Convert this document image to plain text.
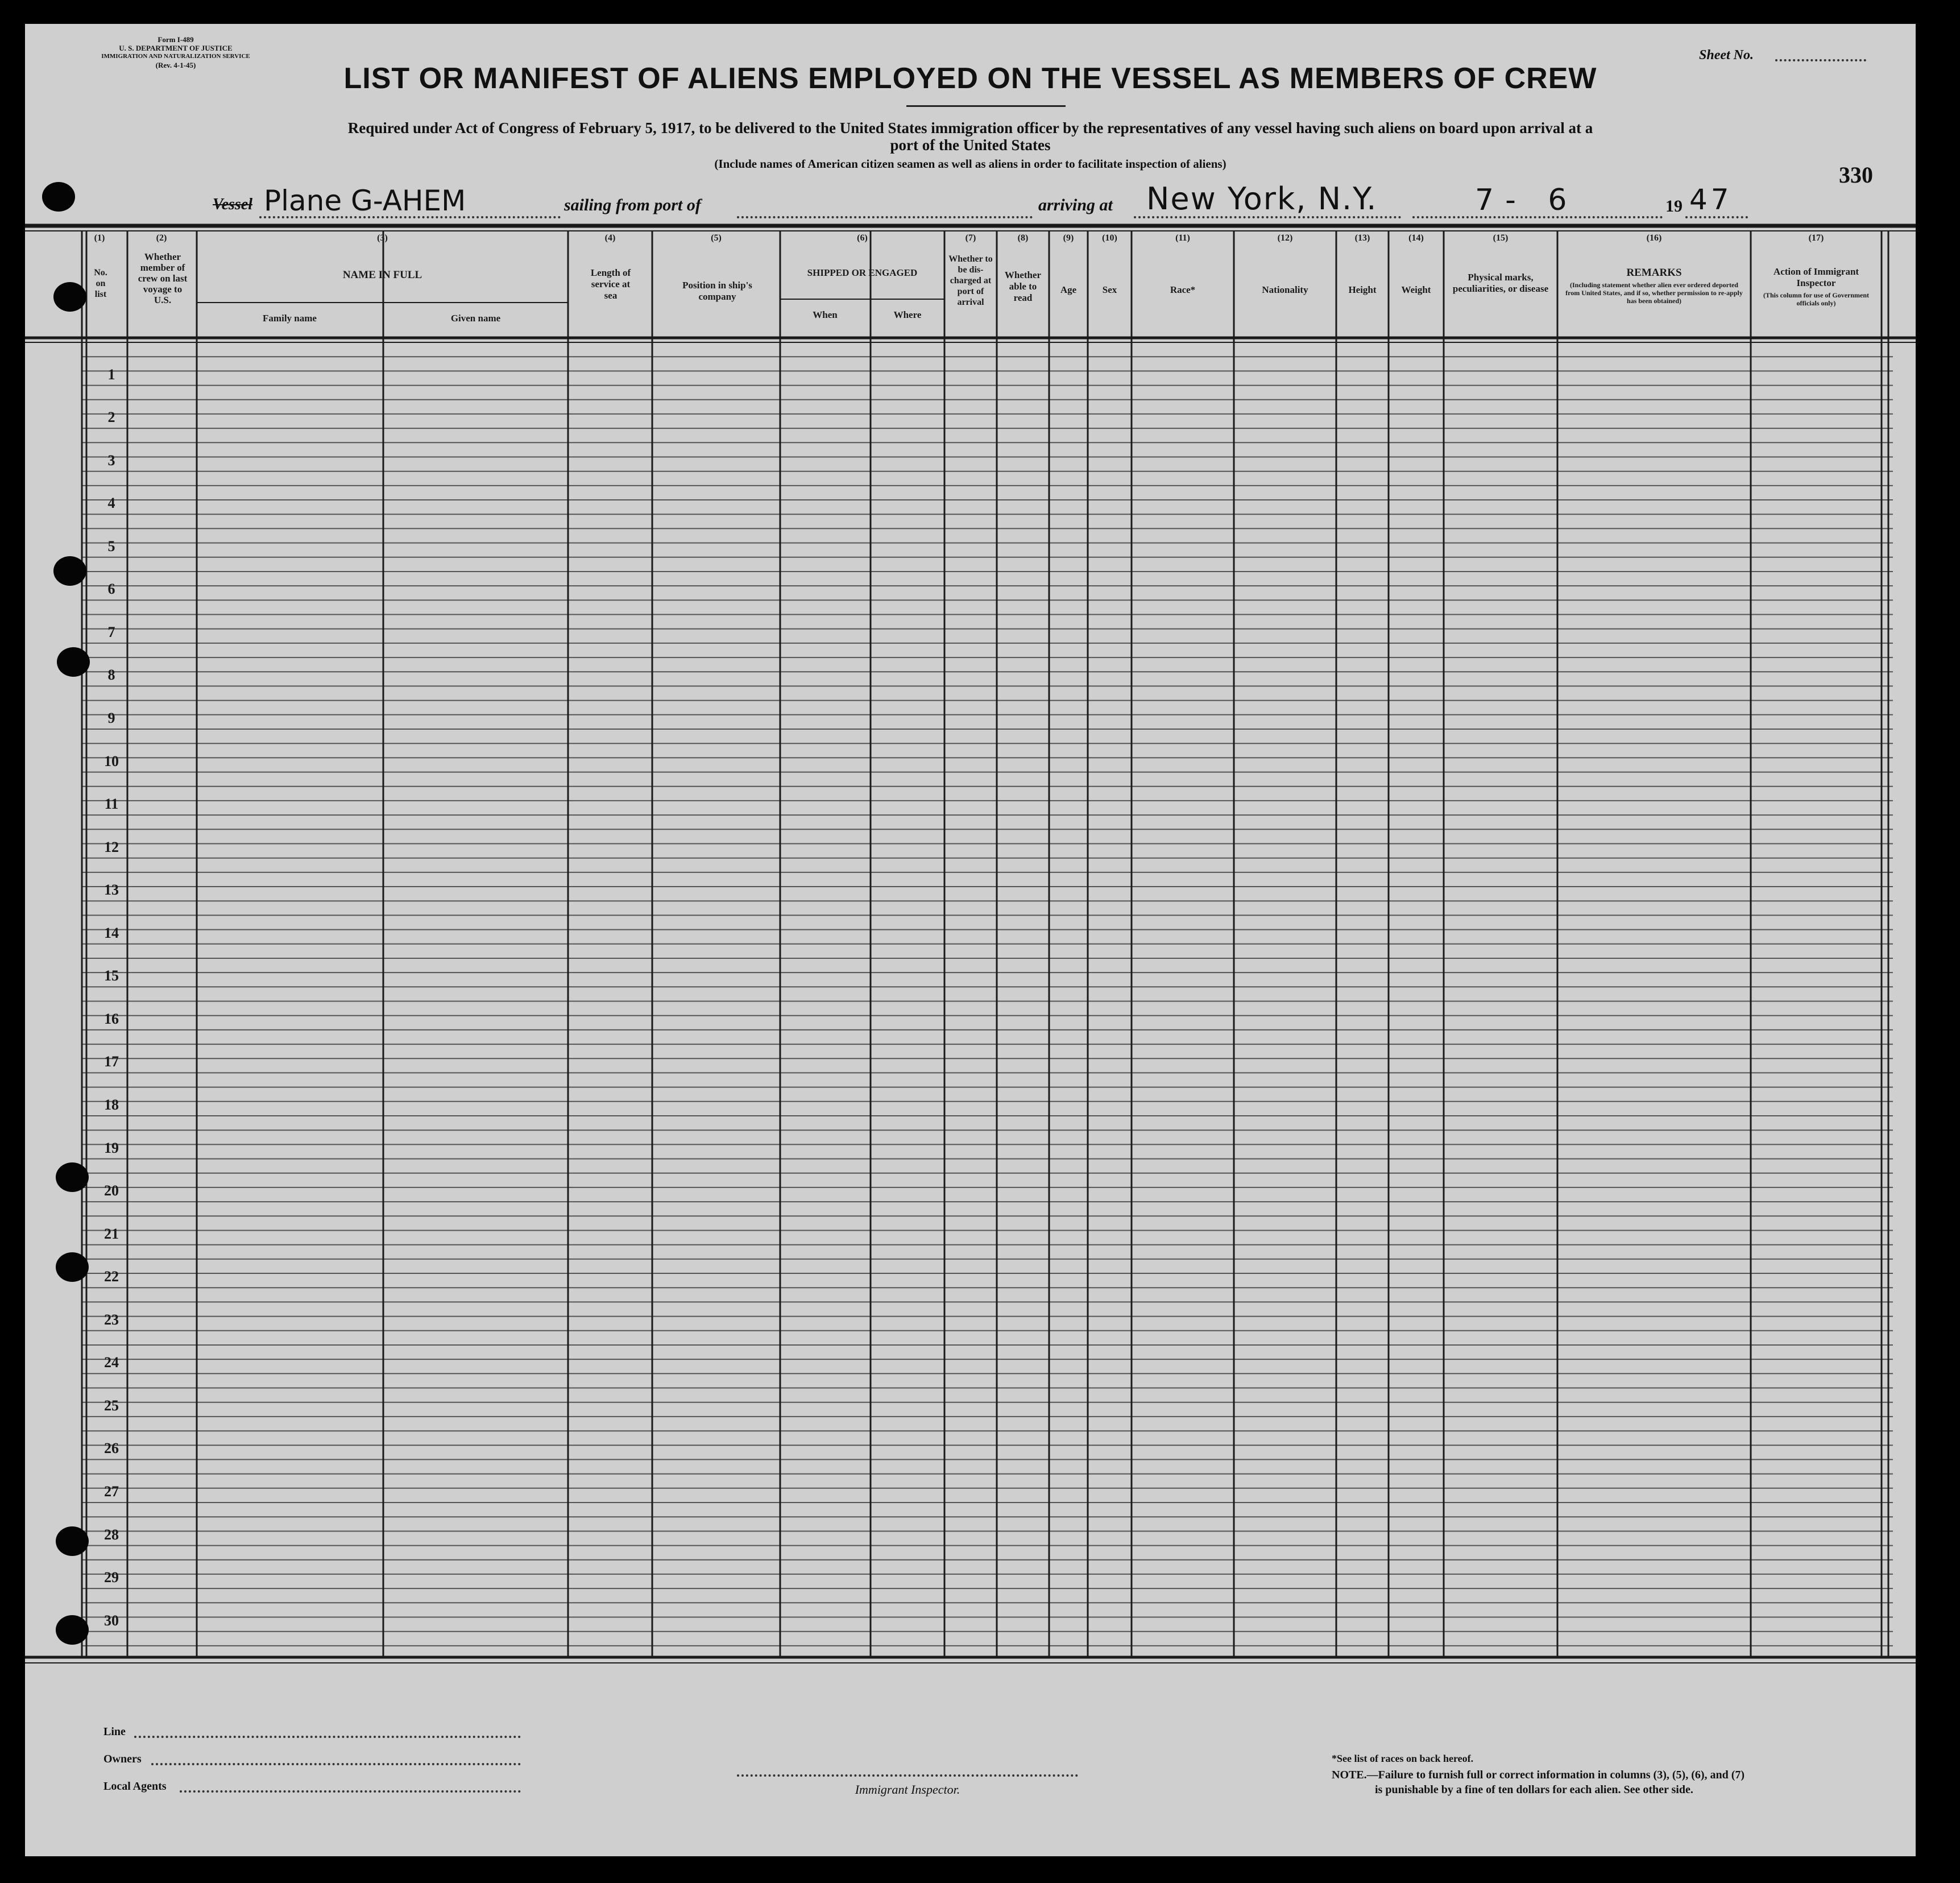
Form I-489
U. S. DEPARTMENT OF JUSTICE
IMMIGRATION AND NATURALIZATION SERVICE
(Rev. 4-1-45)
Sheet No.
LIST OR MANIFEST OF ALIENS EMPLOYED ON THE VESSEL AS MEMBERS OF CREW
Required under Act of Congress of February 5, 1917, to be delivered to the United States immigration officer by the representatives of any vessel having such aliens on board upon arrival at a
port of the United States
(Include names of American citizen seamen as well as aliens in order to facilitate inspection of aliens)	330
Vessel Plane G-AHEM	sailing from port of	arriving at New York, N.Y.	7- 6	19 47
(1)
No. on list
(2)
Whether member of crew on last voyage to U.S.
(3)
NAME IN FULL
Family name	Given name
(4)
Length of service at sea
(5)
Position in ship's company
(6)
SHIPPED OR ENGAGED
When	Where
(7)
Whether to be dis-charged at port of arrival
(8)
Whether able to read
(9)
Age
(10)
Sex
(11)
Race*
(12)
Nationality
(13)
Height
(14)
Weight
(15)
Physical marks, peculiarities, or disease
(16)
REMARKS
(Including statement whether alien ever ordered deported from United States, and if so, whether permission to re-apply has been obtained)
(17)
Action of Immigrant Inspector
(This column for use of Government officials only)
1
2
3
4
5
6
7
8
9
10
11
12
13
14
15
16
17
18
19
20
21
22
23
24
25
26
27
28
29
30
Line
Owners
Local Agents	Immigrant Inspector.
*See list of races on back hereof.
NOTE.—Failure to furnish full or correct information in columns (3), (5), (6), and (7)
is punishable by a fine of ten dollars for each alien. See other side.
